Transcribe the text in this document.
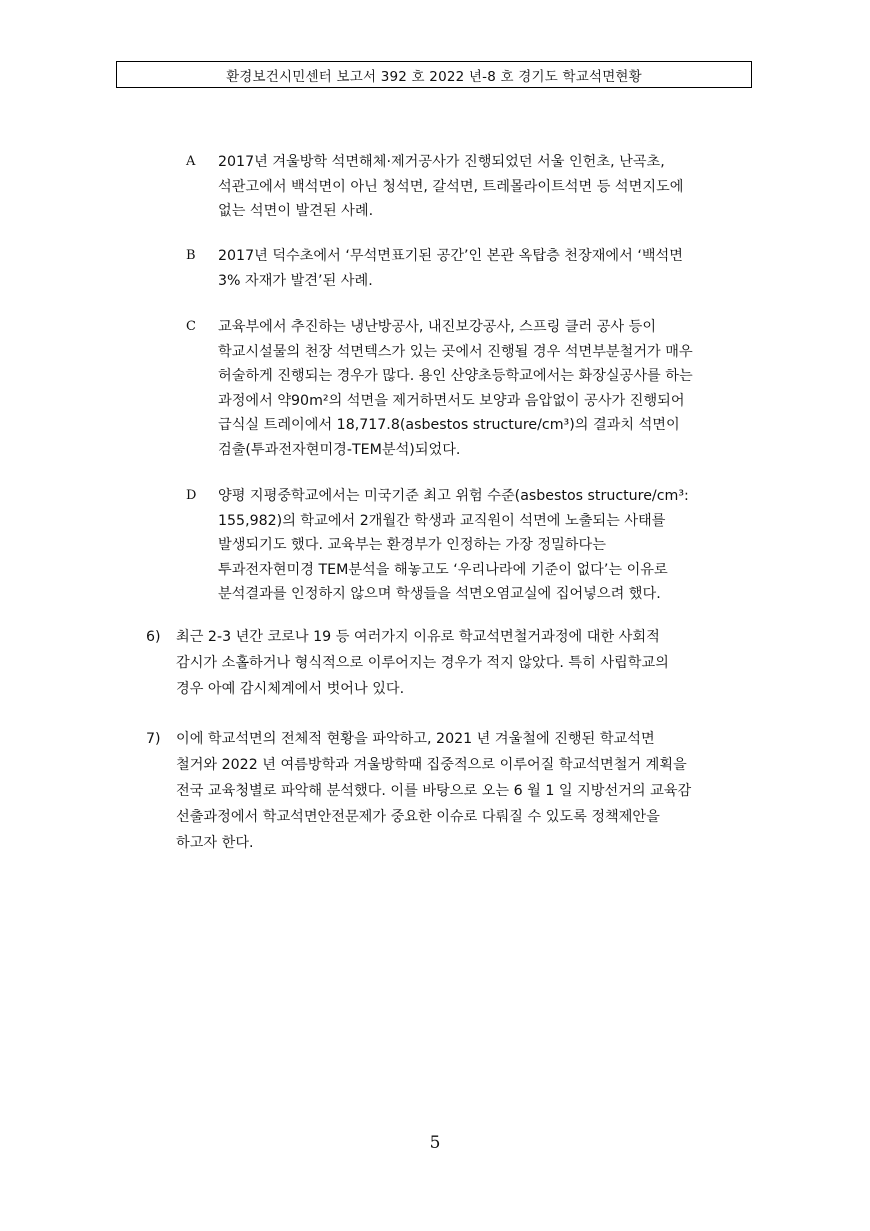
환경보건시민센터 보고서 392 호 2022 년-8 호 경기도 학교석면현황
A	2017년 겨울방학 석면해체·제거공사가 진행되었던 서울 인헌초, 난곡초,
석관고에서 백석면이 아닌 청석면, 갈석면, 트레몰라이트석면 등 석면지도에
없는 석면이 발견된 사례.
B	2017년 덕수초에서 ‘무석면표기된 공간’인 본관 옥탑층 천장재에서 ‘백석면
3% 자재가 발견’된 사례.
C	교육부에서 추진하는 냉난방공사, 내진보강공사, 스프링 클러 공사 등이
학교시설물의 천장 석면텍스가 있는 곳에서 진행될 경우 석면부분철거가 매우
허술하게 진행되는 경우가 많다. 용인 산양초등학교에서는 화장실공사를 하는
과정에서 약90m²의 석면을 제거하면서도 보양과 음압없이 공사가 진행되어
급식실 트레이에서 18,717.8(asbestos structure/cm³)의 결과치 석면이
검출(투과전자현미경-TEM분석)되었다.
D	양평 지평중학교에서는 미국기준 최고 위험 수준(asbestos structure/cm³:
155,982)의 학교에서 2개월간 학생과 교직원이 석면에 노출되는 사태를
발생되기도 했다. 교육부는 환경부가 인정하는 가장 정밀하다는
투과전자현미경 TEM분석을 해놓고도 ‘우리나라에 기준이 없다’는 이유로
분석결과를 인정하지 않으며 학생들을 석면오염교실에 집어넣으려 했다.
6) 최근 2-3 년간 코로나 19 등 여러가지 이유로 학교석면철거과정에 대한 사회적
감시가 소홀하거나 형식적으로 이루어지는 경우가 적지 않았다. 특히 사립학교의
경우 아예 감시체계에서 벗어나 있다.
7) 이에 학교석면의 전체적 현황을 파악하고, 2021 년 겨울철에 진행된 학교석면
철거와 2022 년 여름방학과 겨울방학때 집중적으로 이루어질 학교석면철거 계획을
전국 교육청별로 파악해 분석했다. 이를 바탕으로 오는 6 월 1 일 지방선거의 교육감
선출과정에서 학교석면안전문제가 중요한 이슈로 다뤄질 수 있도록 정책제안을
하고자 한다.
5
